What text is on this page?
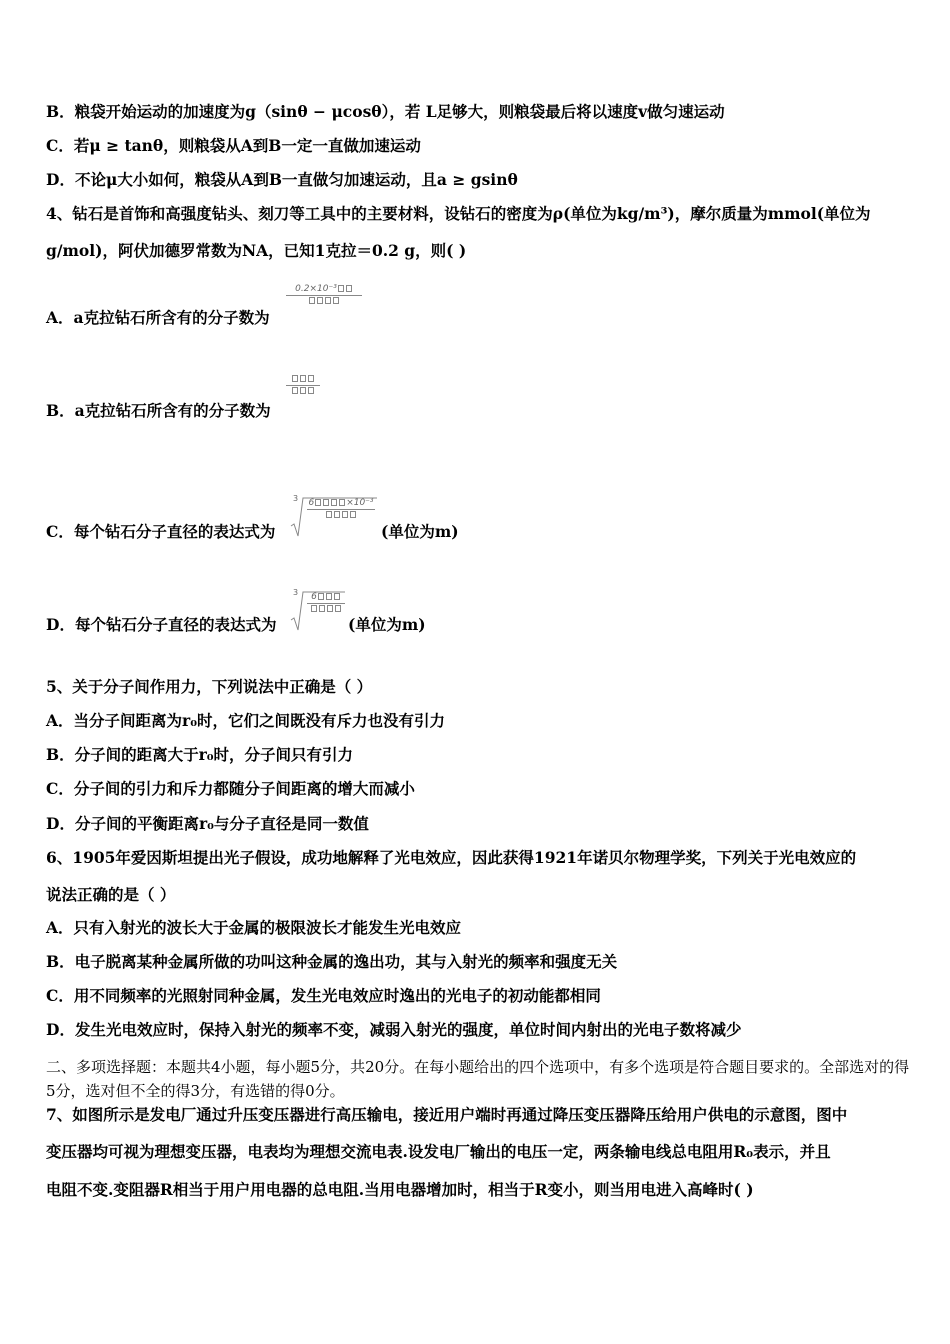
B．粮袋开始运动的加速度为g（sinθ − μcosθ），若 L足够大，则粮袋最后将以速度v做匀速运动
C．若μ ≥ tanθ，则粮袋从A到B一定一直做加速运动
D．不论μ大小如何，粮袋从A到B一直做匀加速运动，且a ≥ gsinθ
4、钻石是首饰和高强度钻头、刻刀等工具中的主要材料，设钻石的密度为ρ(单位为kg/m³)，摩尔质量为mmol(单位为
g/mol)，阿伏加德罗常数为NA，已知1克拉＝0.2 g，则( )
A．a克拉钻石所含有的分子数为
0.2×10⁻³
B．a克拉钻石所含有的分子数为
C．每个钻石分子直径的表达式为
3 6	×10⁻³
(单位为m)
D．每个钻石分子直径的表达式为
3	6
(单位为m)
5、关于分子间作用力，下列说法中正确是（ ）
A．当分子间距离为r₀时，它们之间既没有斥力也没有引力
B．分子间的距离大于r₀时，分子间只有引力
C．分子间的引力和斥力都随分子间距离的增大而减小
D．分子间的平衡距离r₀与分子直径是同一数值
6、1905年爱因斯坦提出光子假设，成功地解释了光电效应，因此获得1921年诺贝尔物理学奖，下列关于光电效应的
说法正确的是（ ）
A．只有入射光的波长大于金属的极限波长才能发生光电效应
B．电子脱离某种金属所做的功叫这种金属的逸出功，其与入射光的频率和强度无关
C．用不同频率的光照射同种金属，发生光电效应时逸出的光电子的初动能都相同
D．发生光电效应时，保持入射光的频率不变，减弱入射光的强度，单位时间内射出的光电子数将减少
二、多项选择题：本题共4小题，每小题5分，共20分。在每小题给出的四个选项中，有多个选项是符合题目要求的。全部选对的得5分，选对但不全的得3分，有选错的得0分。
7、如图所示是发电厂通过升压变压器进行高压输电，接近用户端时再通过降压变压器降压给用户供电的示意图，图中
变压器均可视为理想变压器，电表均为理想交流电表.设发电厂输出的电压一定，两条输电线总电阻用R₀表示，并且
电阻不变.变阻器R相当于用户用电器的总电阻.当用电器增加时，相当于R变小，则当用电进入高峰时( )
